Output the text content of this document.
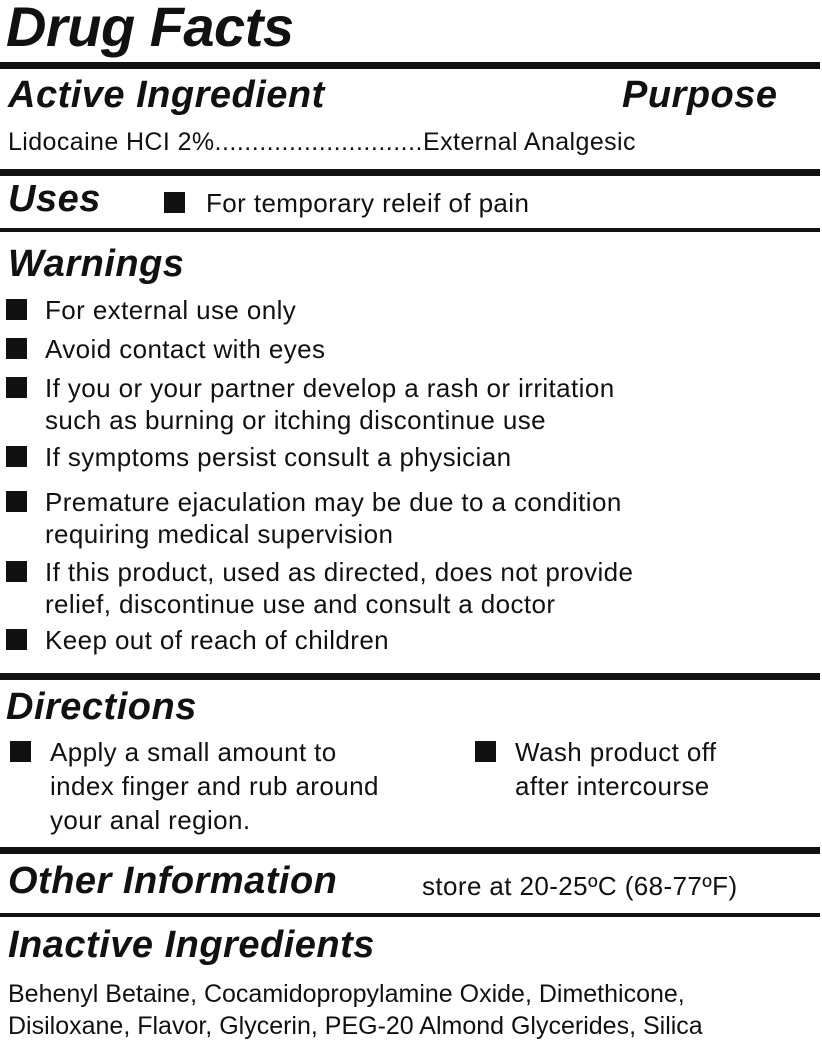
Drug Facts
Active Ingredient	Purpose
Lidocaine HCI 2%............................External Analgesic
Uses	For temporary releif of pain
Warnings
For external use only
Avoid contact with eyes
If you or your partner develop a rash or irritation
such as burning or itching discontinue use
If symptoms persist consult a physician
Premature ejaculation may be due to a condition
requiring medical supervision
If this product, used as directed, does not provide
relief, discontinue use and consult a doctor
Keep out of reach of children
Directions
Apply a small amount to
index finger and rub around
your anal region.
Wash product off
after intercourse
Other Information	store at 20-25ºC (68-77ºF)
Inactive Ingredients
Behenyl Betaine, Cocamidopropylamine Oxide, Dimethicone,
Disiloxane, Flavor, Glycerin, PEG-20 Almond Glycerides, Silica
